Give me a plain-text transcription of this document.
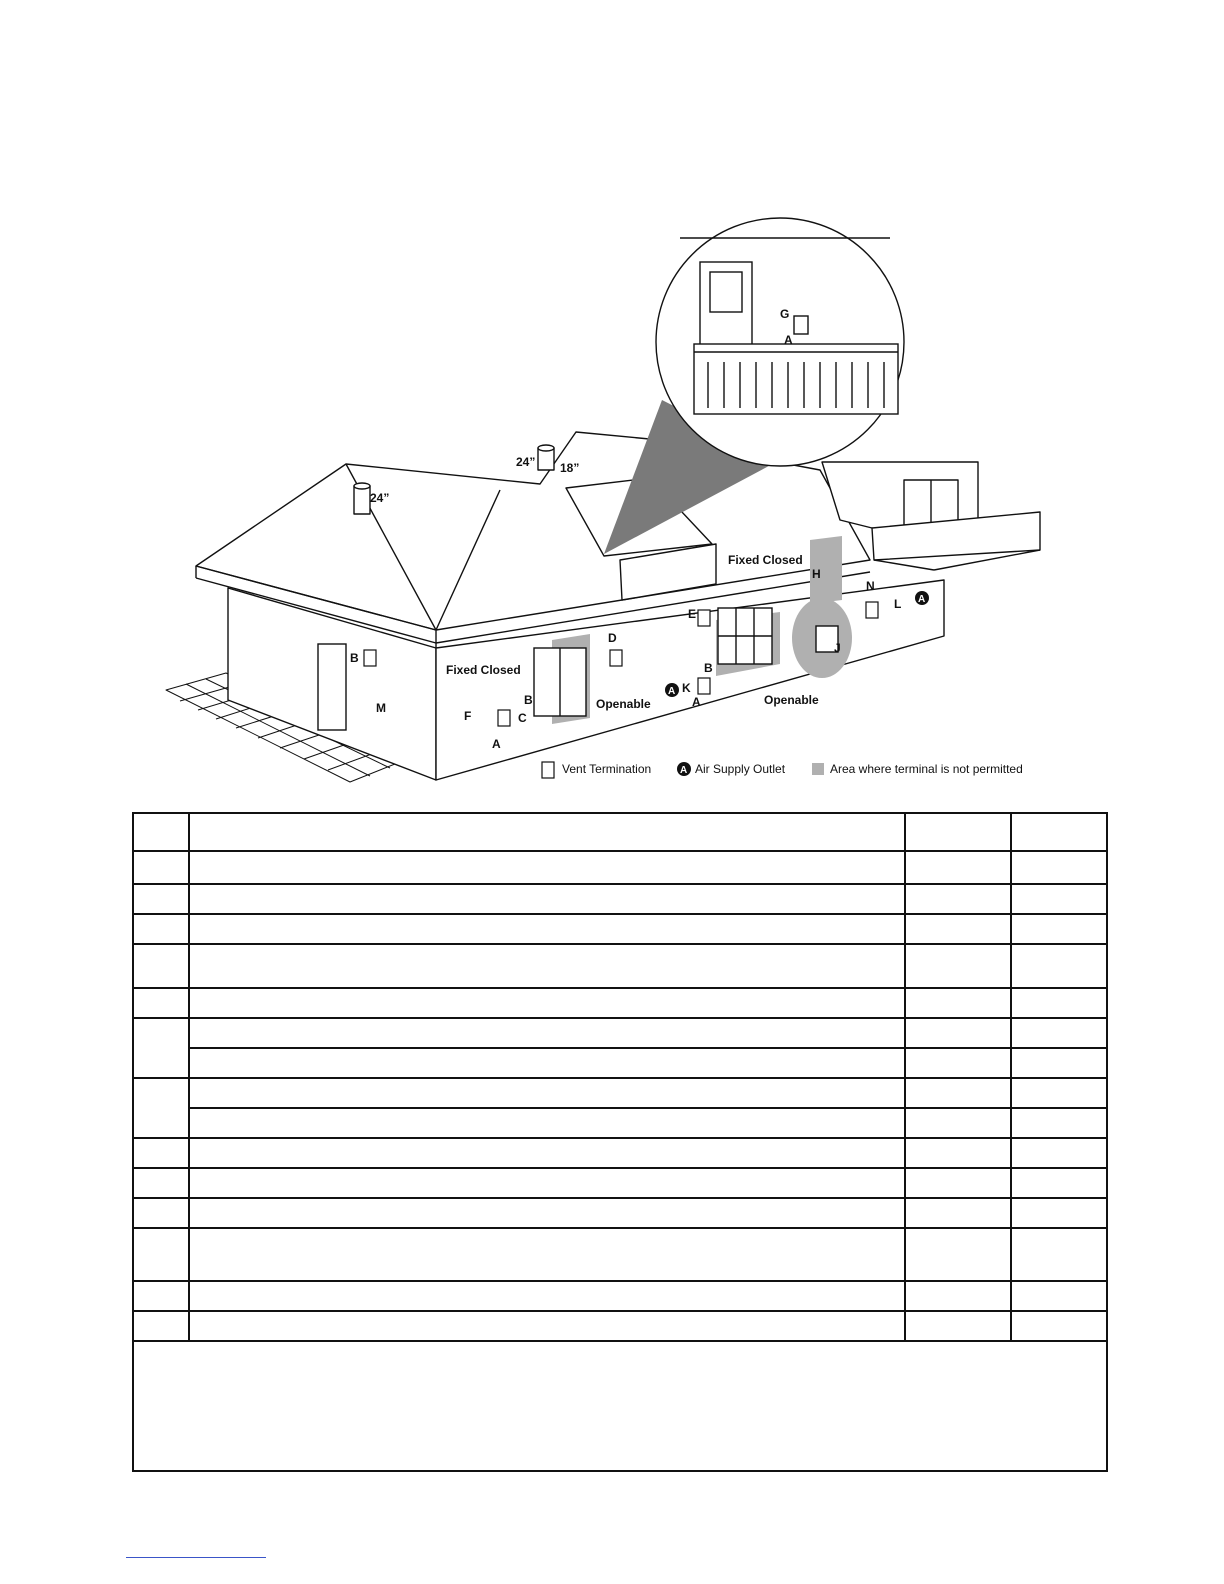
B
M
F
A
C
B
D
E
B
K
A
H
J
N
L
G
A
24”
24” 18”
Fixed Closed
Openable
Fixed Closed
Openable
A
A
Vent Termination	A Air Supply Outlet	Area where terminal is not permitted
